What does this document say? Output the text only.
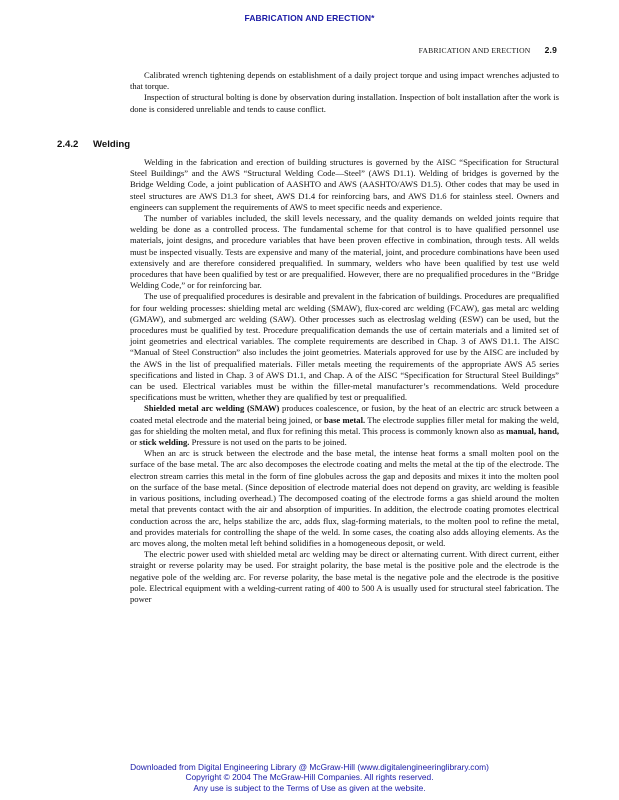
FABRICATION AND ERECTION*
FABRICATION AND ERECTION 2.9

Calibrated wrench tightening depends on establishment of a daily project torque and using impact wrenches adjusted to that torque.

Inspection of structural bolting is done by observation during installation. Inspection of bolt installation after the work is done is considered unreliable and tends to cause conflict.

2.4.2 Welding

Welding in the fabrication and erection of building structures is governed by the AISC “Specification for Structural Steel Buildings” and the AWS “Structural Welding Code—Steel” (AWS D1.1). Welding of bridges is governed by the Bridge Welding Code, a joint publication of AASHTO and AWS (AASHTO/AWS D1.5). Other codes that may be used in steel structures are AWS D1.3 for sheet, AWS D1.4 for reinforcing bars, and AWS D1.6 for stainless steel. Owners and engineers can supplement the requirements of AWS to meet specific needs and experience.

The number of variables included, the skill levels necessary, and the quality demands on welded joints require that welding be done as a controlled process. The fundamental scheme for that control is to have qualified personnel use materials, joint designs, and procedure variables that have been proven effective in combination, through tests. All welds must be inspected visually. Tests are expensive and many of the material, joint, and procedure combinations have been used extensively and are therefore considered prequalified. In summary, welders who have been qualified by test use weld procedures that have been qualified by test or are prequalified. However, there are no prequalified procedures in the “Bridge Welding Code,” or for reinforcing bar.

The use of prequalified procedures is desirable and prevalent in the fabrication of buildings. Procedures are prequalified for four welding processes: shielding metal arc welding (SMAW), flux-cored arc welding (FCAW), gas metal arc welding (GMAW), and submerged arc welding (SAW). Other processes such as electroslag welding (ESW) can be used, but the procedures must be qualified by test. Procedure prequalification demands the use of certain materials and a limited set of joint geometries and electrical variables. The complete requirements are described in Chap. 3 of AWS D1.1. The AISC “Manual of Steel Construction” also includes the joint geometries. Materials approved for use by the AISC are included by the AWS in the list of prequalified materials. Filler metals meeting the requirements of the appropriate AWS A5 series specifications and listed in Chap. 3 of AWS D1.1, and Chap. A of the AISC “Specification for Structural Steel Buildings” can be used. Electrical variables must be within the filler-metal manufacturer’s recommendations. Weld procedure specifications must be written, whether they are qualified by test or prequalified.

Shielded metal arc welding (SMAW) produces coalescence, or fusion, by the heat of an electric arc struck between a coated metal electrode and the material being joined, or base metal. The electrode supplies filler metal for making the weld, gas for shielding the molten metal, and flux for refining this metal. This process is commonly known also as manual, hand, or stick welding. Pressure is not used on the parts to be joined.

When an arc is struck between the electrode and the base metal, the intense heat forms a small molten pool on the surface of the base metal. The arc also decomposes the electrode coating and melts the metal at the tip of the electrode. The electron stream carries this metal in the form of fine globules across the gap and deposits and mixes it into the molten pool on the surface of the base metal. (Since deposition of electrode material does not depend on gravity, arc welding is feasible in various positions, including overhead.) The decomposed coating of the electrode forms a gas shield around the molten metal that prevents contact with the air and absorption of impurities. In addition, the electrode coating promotes electrical conduction across the arc, helps stabilize the arc, adds flux, slag-forming materials, to the molten pool to refine the metal, and provides materials for controlling the shape of the weld. In some cases, the coating also adds alloying elements. As the arc moves along, the molten metal left behind solidifies in a homogeneous deposit, or weld.

The electric power used with shielded metal arc welding may be direct or alternating current. With direct current, either straight or reverse polarity may be used. For straight polarity, the base metal is the positive pole and the electrode is the negative pole of the welding arc. For reverse polarity, the base metal is the negative pole and the electrode is the positive pole. Electrical equipment with a welding-current rating of 400 to 500 A is usually used for structural steel fabrication. The power

Downloaded from Digital Engineering Library @ McGraw-Hill (www.digitalengineeringlibrary.com)
Copyright © 2004 The McGraw-Hill Companies. All rights reserved.
Any use is subject to the Terms of Use as given at the website.
